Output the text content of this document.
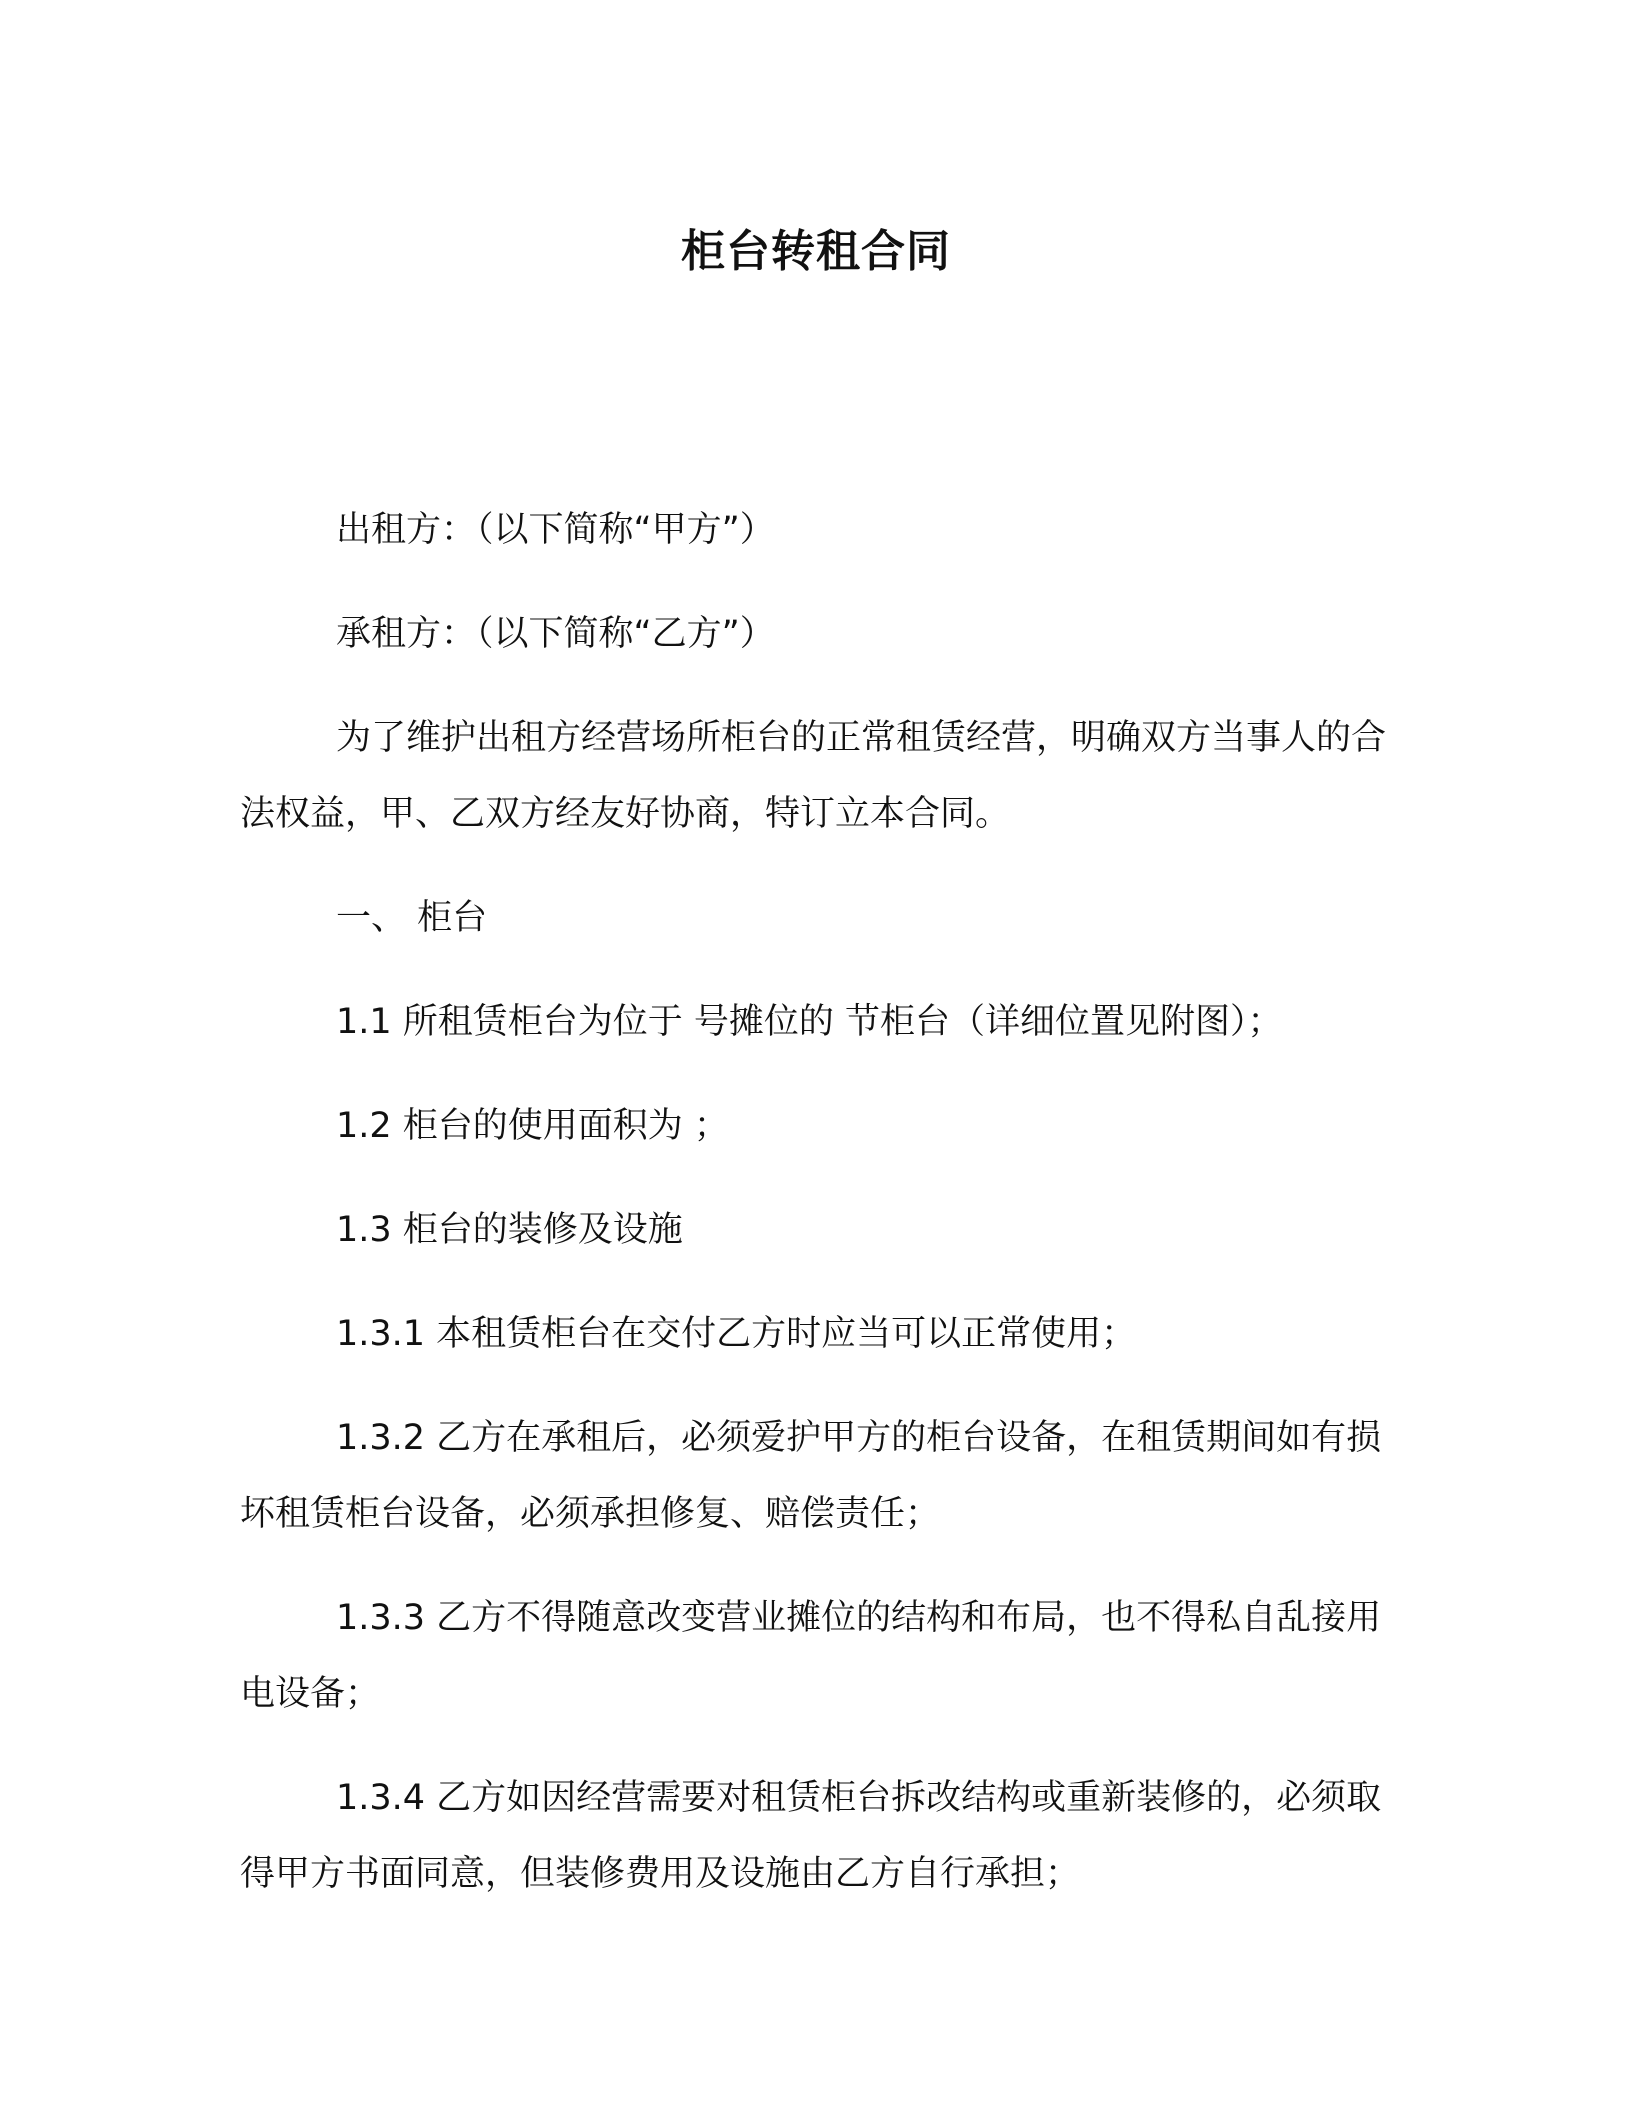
柜台转租合同

出租方：（以下简称“甲方”）

承租方：（以下简称“乙方”）

为了维护出租方经营场所柜台的正常租赁经营，明确双方当事人的合法权益，甲、乙双方经友好协商，特订立本合同。

一、 柜台

1.1 所租赁柜台为位于 号摊位的 节柜台（详细位置见附图）；

1.2 柜台的使用面积为 ；

1.3 柜台的装修及设施

1.3.1 本租赁柜台在交付乙方时应当可以正常使用；

1.3.2 乙方在承租后，必须爱护甲方的柜台设备，在租赁期间如有损坏租赁柜台设备，必须承担修复、赔偿责任；

1.3.3 乙方不得随意改变营业摊位的结构和布局，也不得私自乱接用电设备；

1.3.4 乙方如因经营需要对租赁柜台拆改结构或重新装修的，必须取得甲方书面同意，但装修费用及设施由乙方自行承担；
